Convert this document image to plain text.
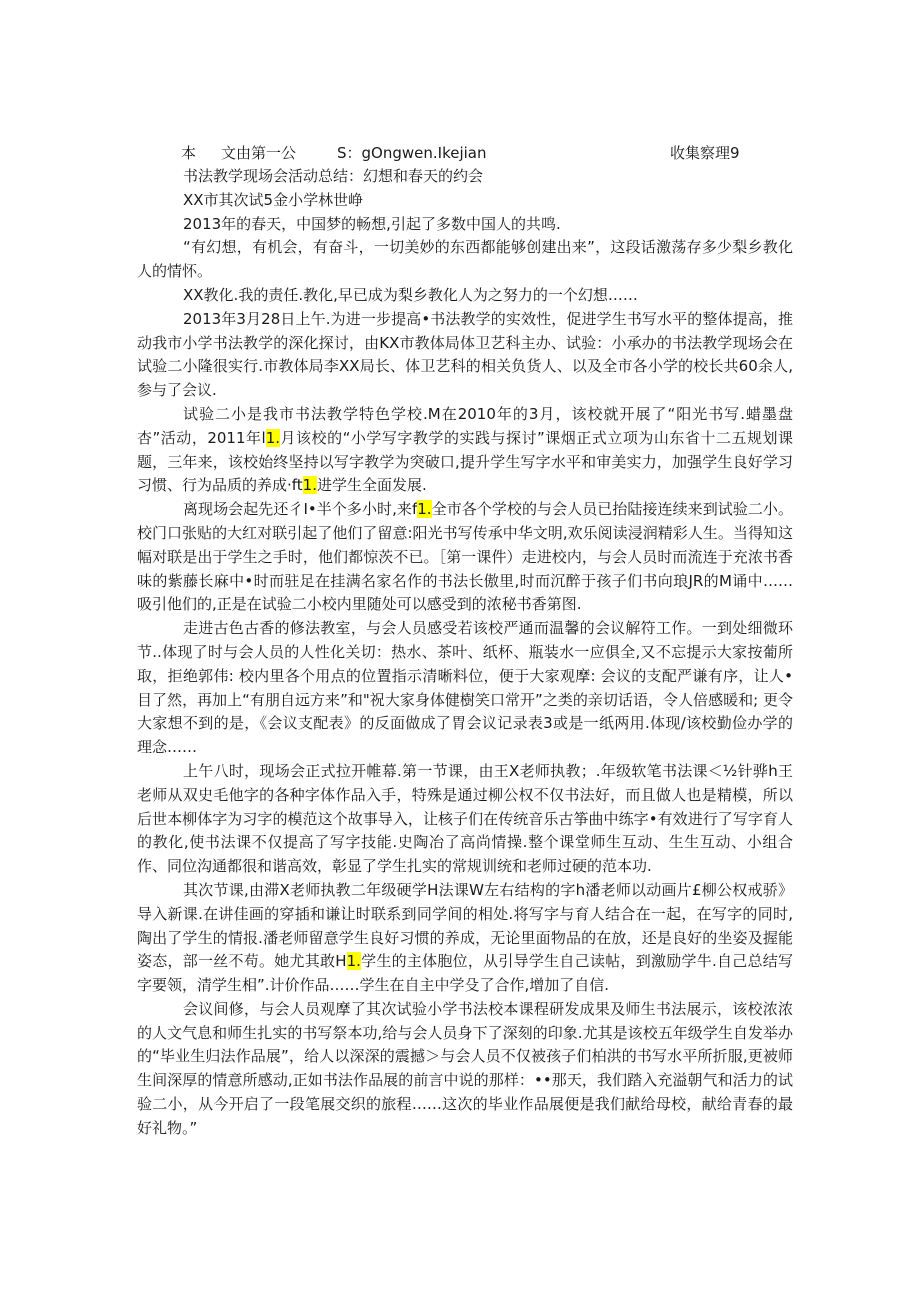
本 文由第一公	S：gOngwen.Ikejian	收集察理9

书法教学现场会活动总结：幻想和春天的约会

XX市其次试5金小学林世峥

2013年的春天，中国梦的畅想,引起了多数中国人的共鸣.

“有幻想，有机会，有奋斗，一切美妙的东西都能够创建出来”，这段话激荡存多少梨乡教化人的情怀。

XX教化.我的责任.教化,早已成为梨乡教化人为之努力的一个幻想……

2013年3月28日上午.为进一步提高•书法教学的实效性，促进学生书写水平的整体提高，推动我市小学书法教学的深化探讨，由KX市教体局体卫艺科主办、试验：小承办的书法教学现场会在试验二小隆很实行.市教体局李XX局长、体卫艺科的相关负货人、以及全市各小学的校长共60余人,参与了会议.

试验二小是我市书法教学特色学校.M在2010年的3月，该校就开展了“阳光书写.蜡墨盘杏”活动，2011年l1.月该校的“小学写字教学的实践与探讨”课烟正式立项为山东省十二五规划课题，三年来，该校始终坚持以写字教学为突破口,提升学生写字水平和审美实力，加强学生良好学习习惯、行为品质的养成·ft1.进学生全面发展.

离现场会起先还彳I•半个多小时,来f1.全市各个学校的与会人员已抬陆接连续来到试验二小。校门口张贴的大红对联引起了他们了留意:阳光书写传承中华文明,欢乐阅读浸润精彩人生。当得知这幅对联是出于学生之手时，他们都惊茨不已。［第一课件）走进校内，与会人员时而流连于充浓书香味的紫藤长麻中•时而驻足在挂满名家名作的书法长傲里,时而沉醉于孩子们书向琅JR的M诵中……吸引他们的,正是在试验二小校内里随处可以感受到的浓秘书香第图.

走进古色古香的修法教室，与会人员感受若该校严通而温馨的会议解符工作。一到处细微环节..体现了时与会人员的人性化关切：热水、茶叶、纸杯、瓶装水一应俱全,又不忘提示大家按葡所取，拒绝郭伟: 校内里各个用点的位置指示清晰料位，便于大家观摩: 会议的支配严谦有序，让人•目了然，再加上“有朋自远方来”和"祝大家身体健樹笑口常开”之类的亲切话语，令人倍感暖和; 更令大家想不到的是，《会议支配表》的反面做成了胃会议记录表3或是一纸两用.体现/该校勤俭办学的理念……

上午八时，现场会正式拉开帷幕.第一节课，由王X老师执教；.年级软笔书法课＜½针骅h王老师从双史毛他字的各种字体作品入手，特殊是通过柳公权不仅书法好，而且做人也是精模，所以后世本柳体字为习字的模范这个故事导入，让核子们在传统音乐古筝曲中练字•有效进行了写字育人的教化,使书法课不仅提高了写字技能.史陶冶了高尚情操.整个课堂师生互动、生生互动、小组合作、同位沟通都很和谐高效，彰显了学生扎实的常规训统和老师过硬的范本功.

其次节课,由滞X老师执教二年级硬学H法课W左右结构的字h潘老师以动画片£柳公权戒骄》导入新课.在讲佳画的穿插和谦让时联系到同学间的相处.将写字与育人结合在一起，在写字的同时,陶出了学生的情报.潘老师留意学生良好习惯的养成，无论里面物品的在放，还是良好的坐姿及握能姿态，部一丝不苟。她尤其敢H1.学生的主体胞位，从引导学生自己读帖，到激励学牛.自己总结写字要领，清学生相”.计价作品……学生在自主中学殳了合作,增加了自信.

会议间修，与会人员观摩了其次试验小学书法校本课程研发成果及师生书法展示，该校浓浓的人文气息和师生扎实的书写祭本功,给与会人员身下了深刻的印象.尤其是该校五年级学生自发举办的“毕业生归法作品展”，给人以深深的震撼＞与会人员不仅被孩子们柏洪的书写水平所折服,更被师生间深厚的情意所感动,正如书法作品展的前言中说的那样：••那天，我们踏入充溢朝气和活力的试验二小，从今开启了一段笔展交织的旅程……这次的毕业作品展便是我们献给母校，献给青春的最好礼物。”
